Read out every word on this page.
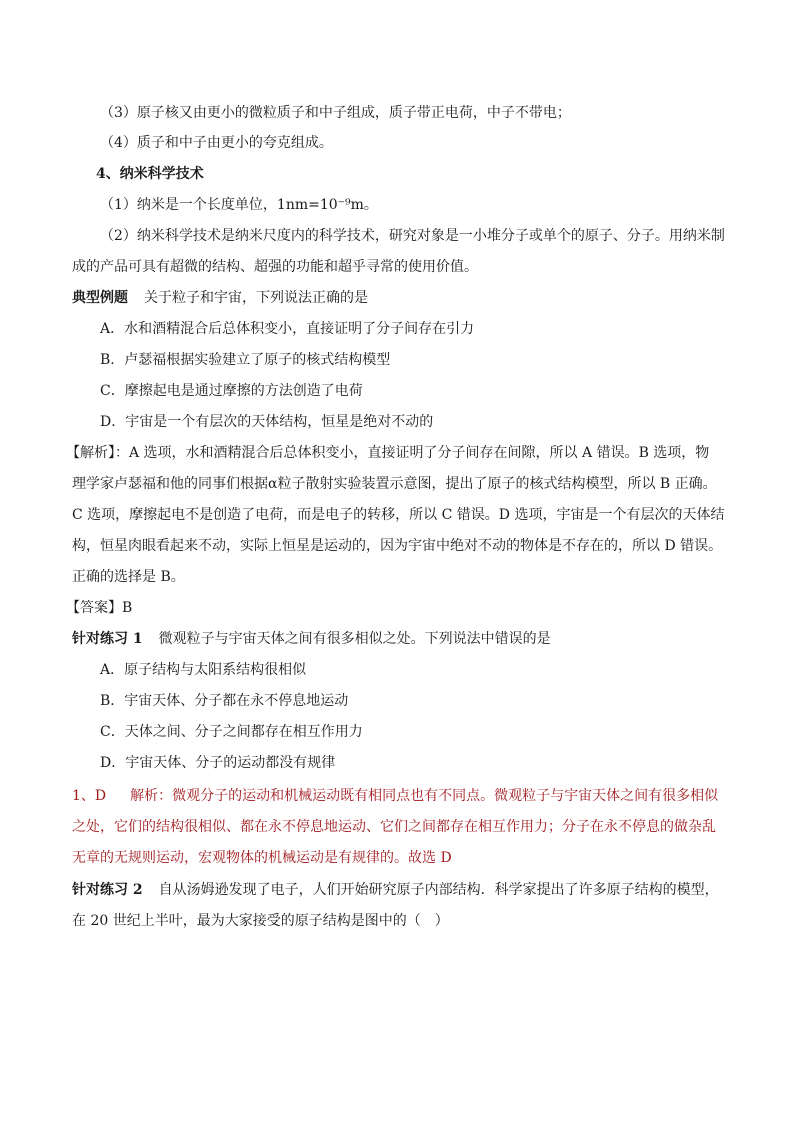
（3）原子核又由更小的微粒质子和中子组成，质子带正电荷，中子不带电；
（4）质子和中子由更小的夸克组成。
4、纳米科学技术
（1）纳米是一个长度单位，1nm=10⁻⁹m。
（2）纳米科学技术是纳米尺度内的科学技术，研究对象是一小堆分子或单个的原子、分子。用纳米制
成的产品可具有超微的结构、超强的功能和超乎寻常的使用价值。
典型例题 关于粒子和宇宙，下列说法正确的是
A．水和酒精混合后总体积变小，直接证明了分子间存在引力
B．卢瑟福根据实验建立了原子的核式结构模型
C．摩擦起电是通过摩擦的方法创造了电荷
D．宇宙是一个有层次的天体结构，恒星是绝对不动的
【解析】：A 选项，水和酒精混合后总体积变小，直接证明了分子间存在间隙，所以 A 错误。B 选项，物
理学家卢瑟福和他的同事们根据α粒子散射实验装置示意图，提出了原子的核式结构模型，所以 B 正确。
C 选项，摩擦起电不是创造了电荷，而是电子的转移，所以 C 错误。D 选项，宇宙是一个有层次的天体结
构，恒星肉眼看起来不动，实际上恒星是运动的，因为宇宙中绝对不动的物体是不存在的，所以 D 错误。
正确的选择是 B。
【答案】B
针对练习 1 微观粒子与宇宙天体之间有很多相似之处。下列说法中错误的是
A．原子结构与太阳系结构很相似
B．宇宙天体、分子都在永不停息地运动
C．天体之间、分子之间都存在相互作用力
D．宇宙天体、分子的运动都没有规律
1、D 解析：微观分子的运动和机械运动既有相同点也有不同点。微观粒子与宇宙天体之间有很多相似
之处，它们的结构很相似、都在永不停息地运动、它们之间都存在相互作用力；分子在永不停息的做杂乱
无章的无规则运动，宏观物体的机械运动是有规律的。故选 D
针对练习 2 自从汤姆逊发现了电子，人们开始研究原子内部结构．科学家提出了许多原子结构的模型，
在 20 世纪上半叶，最为大家接受的原子结构是图中的（　）
